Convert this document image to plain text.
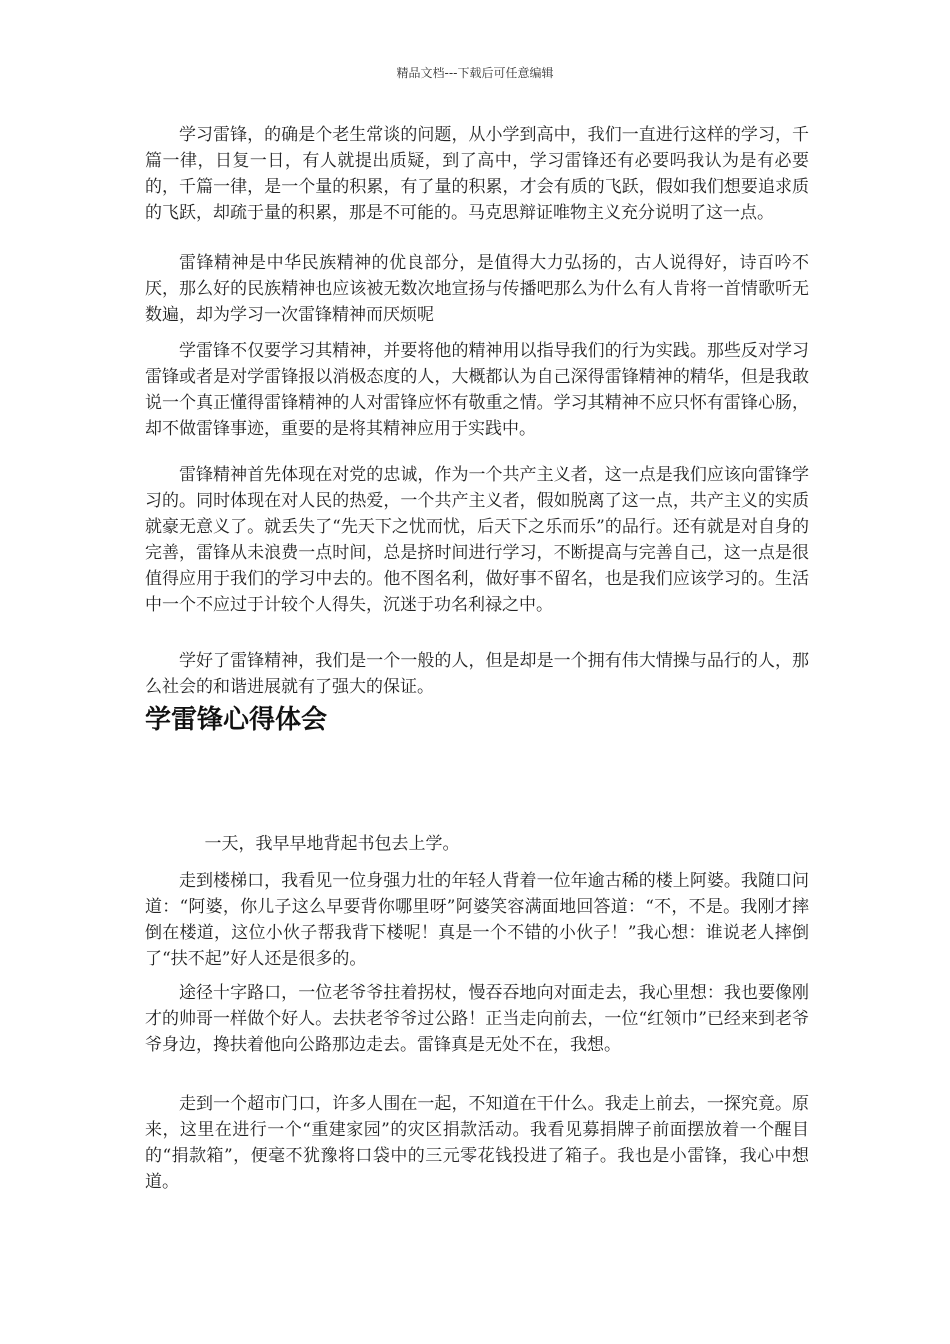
精品文档---下载后可任意编辑

学习雷锋，的确是个老生常谈的问题，从小学到高中，我们一直进行这样的学习，千篇一律，日复一日，有人就提出质疑，到了高中，学习雷锋还有必要吗我认为是有必要的，千篇一律，是一个量的积累，有了量的积累，才会有质的飞跃，假如我们想要追求质的飞跃，却疏于量的积累，那是不可能的。马克思辩证唯物主义充分说明了这一点。

雷锋精神是中华民族精神的优良部分，是值得大力弘扬的，古人说得好，诗百吟不厌，那么好的民族精神也应该被无数次地宣扬与传播吧那么为什么有人肯将一首情歌听无数遍，却为学习一次雷锋精神而厌烦呢

学雷锋不仅要学习其精神，并要将他的精神用以指导我们的行为实践。那些反对学习雷锋或者是对学雷锋报以消极态度的人，大概都认为自己深得雷锋精神的精华，但是我敢说一个真正懂得雷锋精神的人对雷锋应怀有敬重之情。学习其精神不应只怀有雷锋心肠，却不做雷锋事迹，重要的是将其精神应用于实践中。

雷锋精神首先体现在对党的忠诚，作为一个共产主义者，这一点是我们应该向雷锋学习的。同时体现在对人民的热爱，一个共产主义者，假如脱离了这一点，共产主义的实质就豪无意义了。就丢失了“先天下之忧而忧，后天下之乐而乐”的品行。还有就是对自身的完善，雷锋从未浪费一点时间，总是挤时间进行学习，不断提高与完善自己，这一点是很值得应用于我们的学习中去的。他不图名利，做好事不留名，也是我们应该学习的。生活中一个不应过于计较个人得失，沉迷于功名利禄之中。

学好了雷锋精神，我们是一个一般的人，但是却是一个拥有伟大情操与品行的人，那么社会的和谐进展就有了强大的保证。

学雷锋心得体会

一天，我早早地背起书包去上学。

走到楼梯口，我看见一位身强力壮的年轻人背着一位年逾古稀的楼上阿婆。我随口问道：“阿婆，你儿子这么早要背你哪里呀”阿婆笑容满面地回答道：“不，不是。我刚才摔倒在楼道，这位小伙子帮我背下楼呢！真是一个不错的小伙子！”我心想：谁说老人摔倒了“扶不起”好人还是很多的。

途径十字路口，一位老爷爷拄着拐杖，慢吞吞地向对面走去，我心里想：我也要像刚才的帅哥一样做个好人。去扶老爷爷过公路！正当走向前去，一位“红领巾”已经来到老爷爷身边，搀扶着他向公路那边走去。雷锋真是无处不在，我想。

走到一个超市门口，许多人围在一起，不知道在干什么。我走上前去，一探究竟。原来，这里在进行一个“重建家园”的灾区捐款活动。我看见募捐牌子前面摆放着一个醒目的“捐款箱”，便毫不犹豫将口袋中的三元零花钱投进了箱子。我也是小雷锋，我心中想道。
